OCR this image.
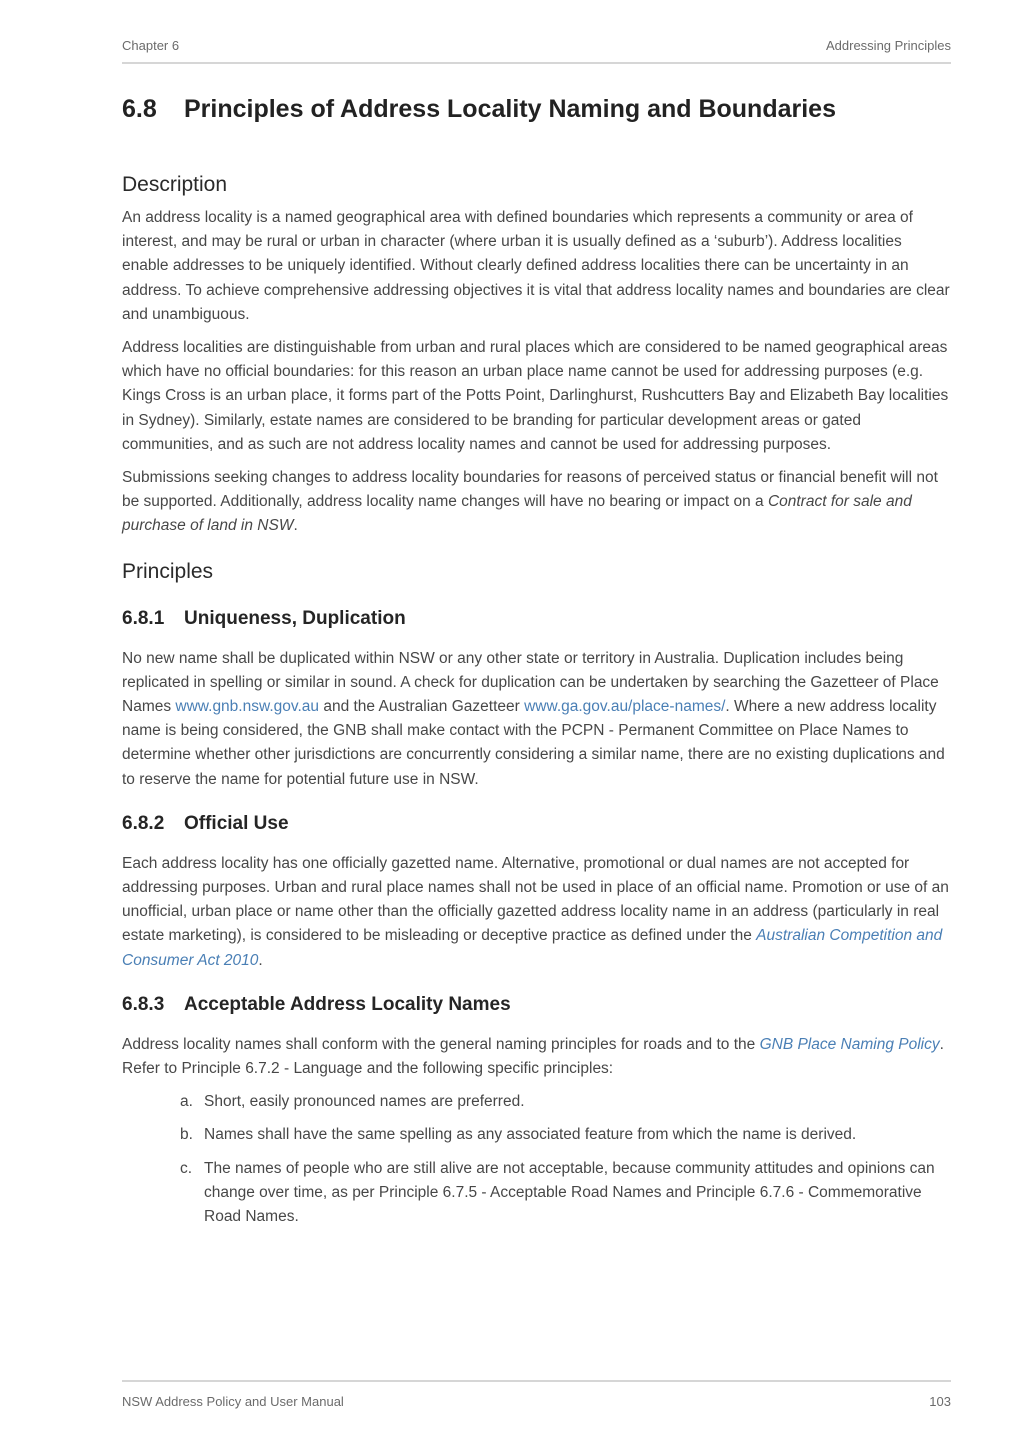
Chapter 6	Addressing Principles
6.8 Principles of Address Locality Naming and Boundaries
Description

An address locality is a named geographical area with defined boundaries which represents a community or area of interest, and may be rural or urban in character (where urban it is usually defined as a ‘suburb’). Address localities enable addresses to be uniquely identified. Without clearly defined address localities there can be uncertainty in an address. To achieve comprehensive addressing objectives it is vital that address locality names and boundaries are clear and unambiguous.

Address localities are distinguishable from urban and rural places which are considered to be named geographical areas which have no official boundaries: for this reason an urban place name cannot be used for addressing purposes (e.g. Kings Cross is an urban place, it forms part of the Potts Point, Darlinghurst, Rushcutters Bay and Elizabeth Bay localities in Sydney). Similarly, estate names are considered to be branding for particular development areas or gated communities, and as such are not address locality names and cannot be used for addressing purposes.

Submissions seeking changes to address locality boundaries for reasons of perceived status or financial benefit will not be supported. Additionally, address locality name changes will have no bearing or impact on a Contract for sale and purchase of land in NSW.

Principles
6.8.1 Uniqueness, Duplication

No new name shall be duplicated within NSW or any other state or territory in Australia. Duplication includes being replicated in spelling or similar in sound. A check for duplication can be undertaken by searching the Gazetteer of Place Names www.gnb.nsw.gov.au and the Australian Gazetteer www.ga.gov.au/place-names/. Where a new address locality name is being considered, the GNB shall make contact with the PCPN - Permanent Committee on Place Names to determine whether other jurisdictions are concurrently considering a similar name, there are no existing duplications and to reserve the name for potential future use in NSW.

6.8.2 Official Use

Each address locality has one officially gazetted name. Alternative, promotional or dual names are not accepted for addressing purposes. Urban and rural place names shall not be used in place of an official name. Promotion or use of an unofficial, urban place or name other than the officially gazetted address locality name in an address (particularly in real estate marketing), is considered to be misleading or deceptive practice as defined under the Australian Competition and Consumer Act 2010.

6.8.3 Acceptable Address Locality Names

Address locality names shall conform with the general naming principles for roads and to the GNB Place Naming Policy. Refer to Principle 6.7.2 - Language and the following specific principles:

a. Short, easily pronounced names are preferred.
b. Names shall have the same spelling as any associated feature from which the name is derived.
c. The names of people who are still alive are not acceptable, because community attitudes and opinions can change over time, as per Principle 6.7.5 - Acceptable Road Names and Principle 6.7.6 - Commemorative Road Names.
NSW Address Policy and User Manual	103
